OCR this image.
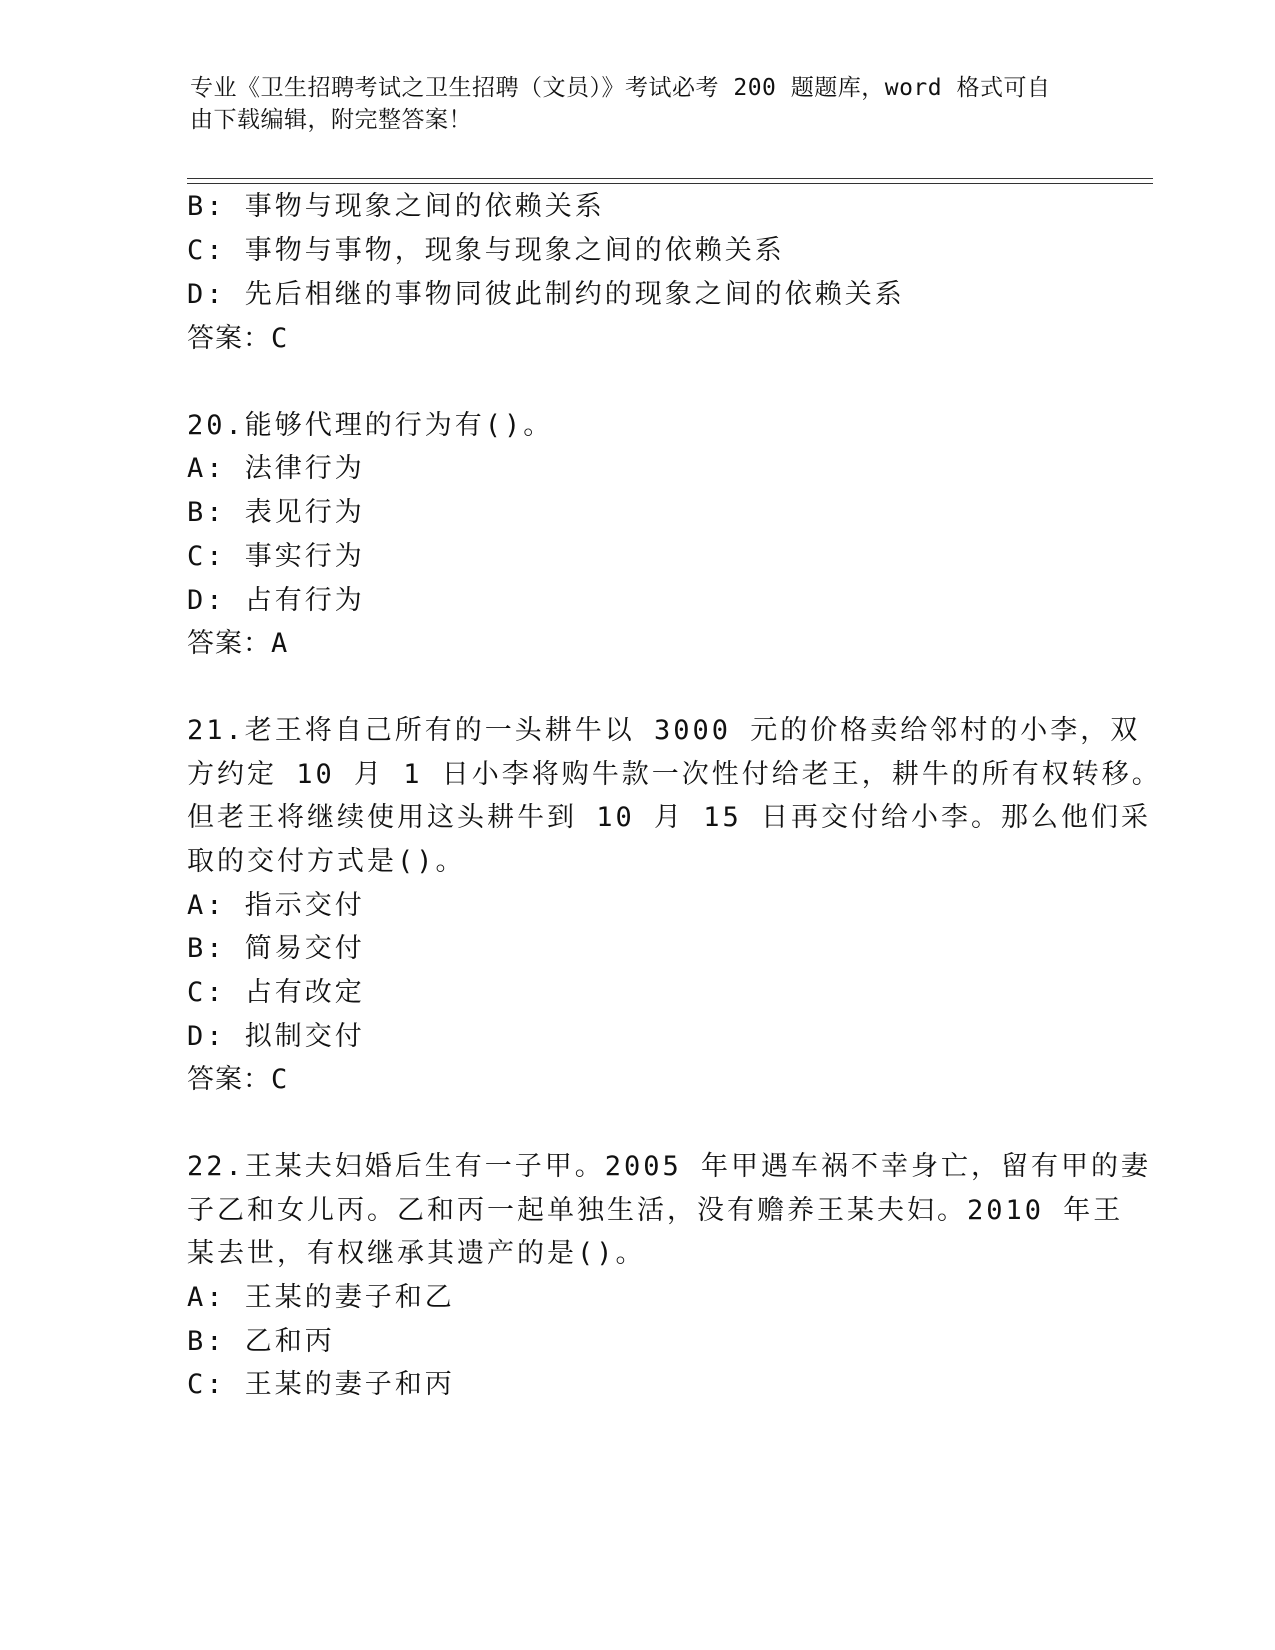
专业《卫生招聘考试之卫生招聘（文员）》考试必考 200 题题库，word 格式可自
由下载编辑，附完整答案！
B: 事物与现象之间的依赖关系
C: 事物与事物，现象与现象之间的依赖关系
D: 先后相继的事物同彼此制约的现象之间的依赖关系
答案：C
20.能够代理的行为有()。
A: 法律行为
B: 表见行为
C: 事实行为
D: 占有行为
答案：A
21.老王将自己所有的一头耕牛以 3000 元的价格卖给邻村的小李，双
方约定 10 月 1 日小李将购牛款一次性付给老王，耕牛的所有权转移。
但老王将继续使用这头耕牛到 10 月 15 日再交付给小李。那么他们采
取的交付方式是()。
A: 指示交付
B: 简易交付
C: 占有改定
D: 拟制交付
答案：C
22.王某夫妇婚后生有一子甲。2005 年甲遇车祸不幸身亡，留有甲的妻
子乙和女儿丙。乙和丙一起单独生活，没有赡养王某夫妇。2010 年王
某去世，有权继承其遗产的是()。
A: 王某的妻子和乙
B: 乙和丙
C: 王某的妻子和丙
